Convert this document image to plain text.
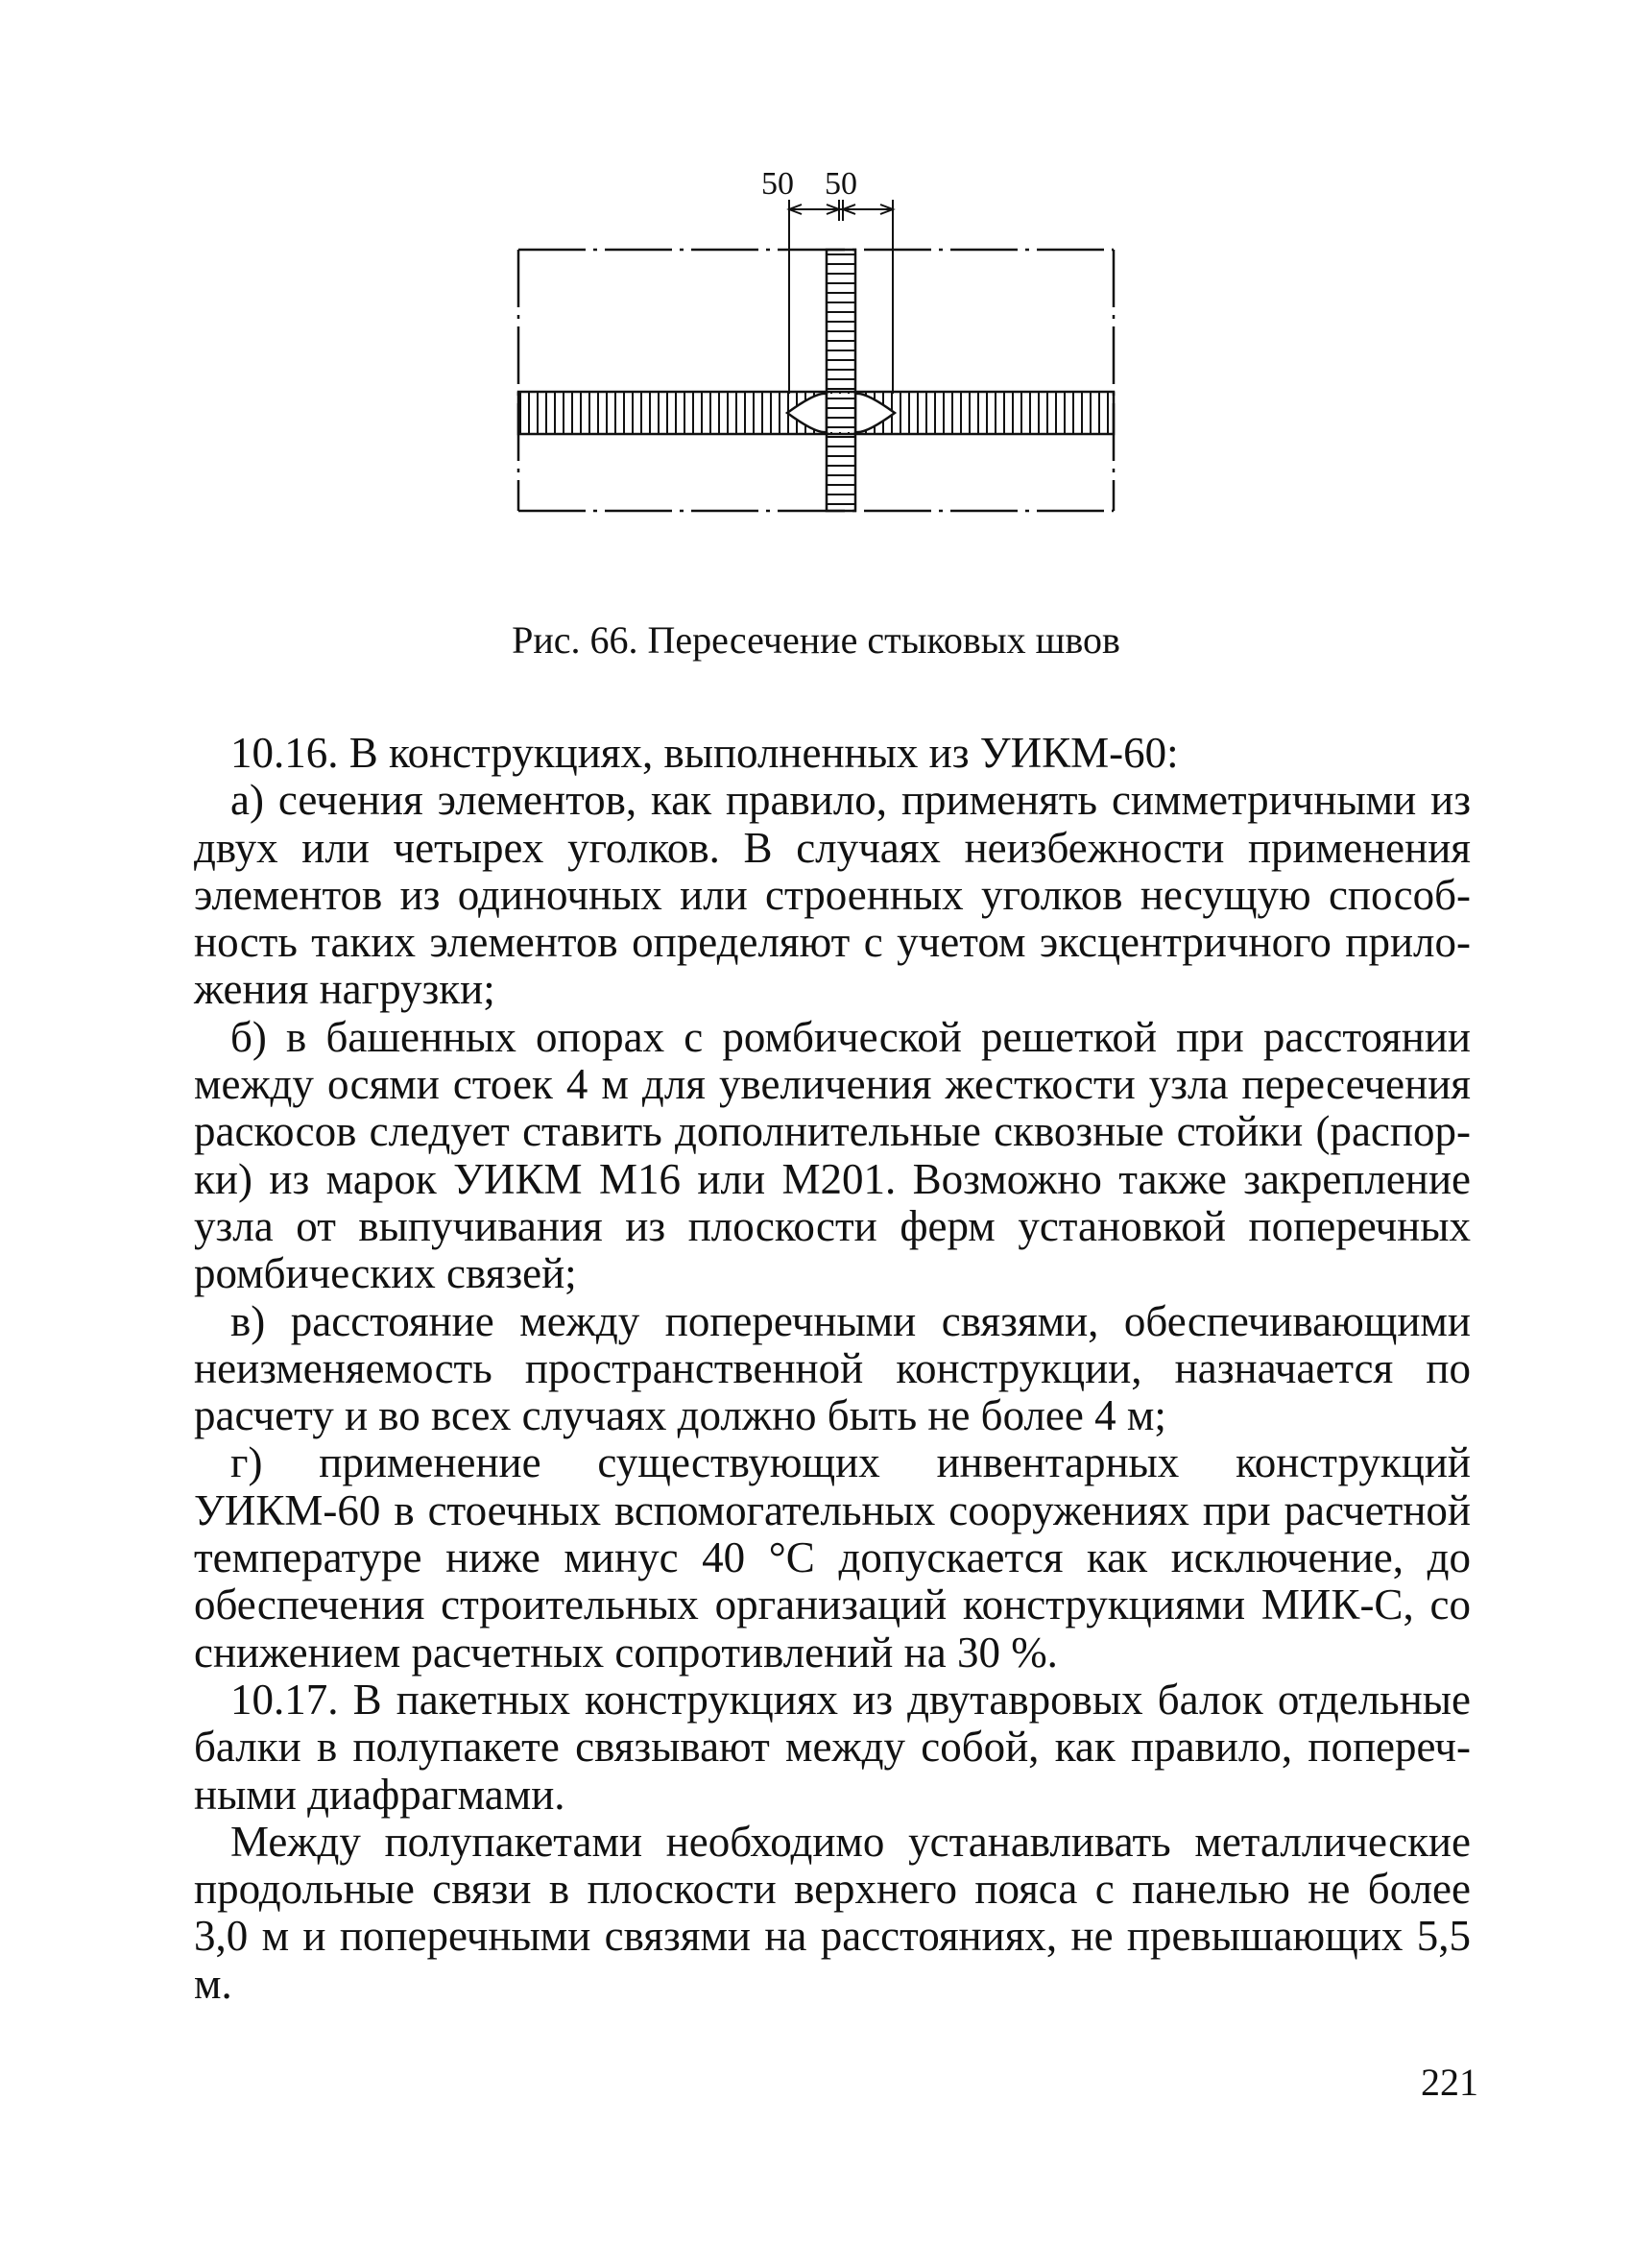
50 50
Рис. 66. Пересечение стыковых швов

10.16. В конструкциях, выполненных из УИКМ-60:

а) сечения элементов, как правило, применять симметричными из двух или четырех уголков. В случаях неизбежности применения элементов из одиночных или строенных уголков несущую способность таких элементов определяют с учетом эксцентричного приложения нагрузки;

б) в башенных опорах с ромбической решеткой при расстоянии между осями стоек 4 м для увеличения жесткости узла пересечения раскосов следует ставить дополнительные сквозные стойки (распорки) из марок УИКМ М16 или М201. Возможно также закрепление узла от выпучивания из плоскости ферм установкой поперечных ромбических связей;

в) расстояние между поперечными связями, обеспечивающими неизменяемость пространственной конструкции, назначается по расчету и во всех случаях должно быть не более 4 м;

г) применение существующих инвентарных конструкций УИКМ-60 в стоечных вспомогательных сооружениях при расчетной температуре ниже минус 40 °С допускается как исключение, до обеспечения строительных организаций конструкциями МИК-С, со снижением расчетных сопротивлений на 30 %.

10.17. В пакетных конструкциях из двутавровых балок отдельные балки в полупакете связывают между собой, как правило, поперечными диафрагмами.

Между полупакетами необходимо устанавливать металлические продольные связи в плоскости верхнего пояса с панелью не более 3,0 м и поперечными связями на расстояниях, не превышающих 5,5 м.

221
